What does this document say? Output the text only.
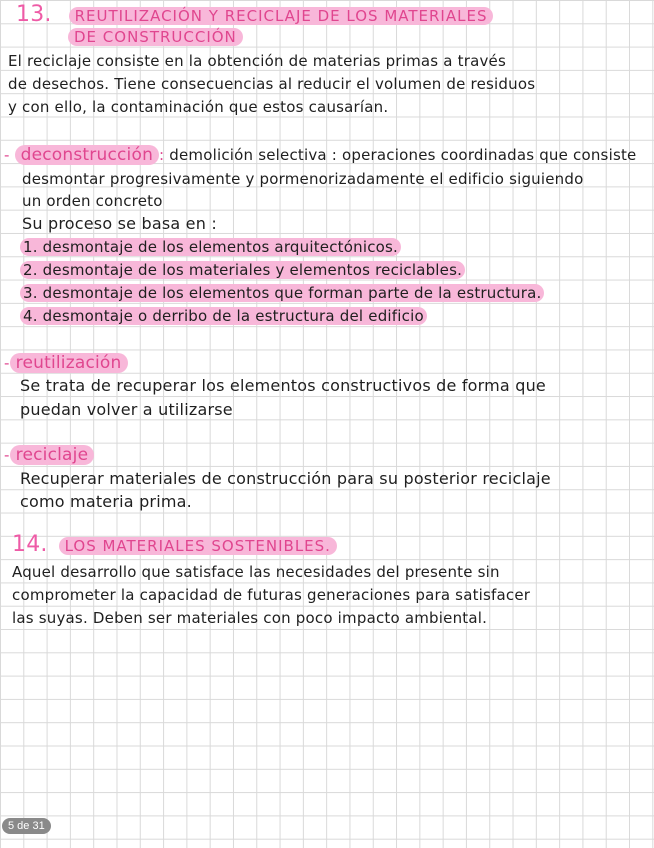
13. REUTILIZACIÓN Y RECICLAJE DE LOS MATERIALES
DE CONSTRUCCIÓN
El reciclaje consiste en la obtención de materias primas a través
de desechos. Tiene consecuencias al reducir el volumen de residuos
y con ello, la contaminación que estos causarían.
- deconstrucción : demolición selectiva : operaciones coordinadas que consiste
desmontar progresivamente y pormenorizadamente el edificio siguiendo
un orden concreto
Su proceso se basa en :
1. desmontaje de los elementos arquitectónicos.
2. desmontaje de los materiales y elementos reciclables.
3. desmontaje de los elementos que forman parte de la estructura.
4. desmontaje o derribo de la estructura del edificio
- reutilización
Se trata de recuperar los elementos constructivos de forma que
puedan volver a utilizarse
- reciclaje
Recuperar materiales de construcción para su posterior reciclaje
como materia prima.
14. LOS MATERIALES SOSTENIBLES.
Aquel desarrollo que satisface las necesidades del presente sin
comprometer la capacidad de futuras generaciones para satisfacer
las suyas. Deben ser materiales con poco impacto ambiental.
5 de 31
